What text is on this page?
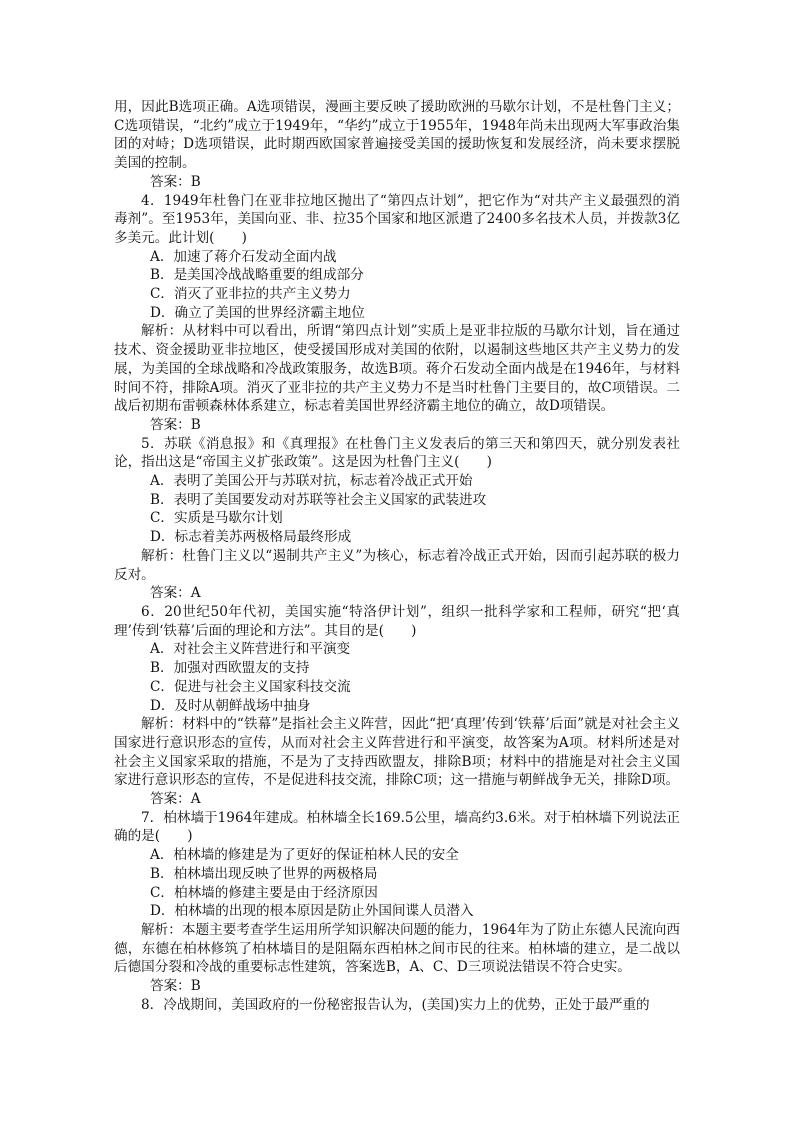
用，因此B选项正确。A选项错误，漫画主要反映了援助欧洲的马歇尔计划，不是杜鲁门主义；C选项错误，“北约”成立于1949年，“华约”成立于1955年，1948年尚未出现两大军事政治集团的对峙；D选项错误，此时期西欧国家普遍接受美国的援助恢复和发展经济，尚未要求摆脱美国的控制。

答案：B

4．1949年杜鲁门在亚非拉地区抛出了“第四点计划”，把它作为“对共产主义最强烈的消毒剂”。至1953年，美国向亚、非、拉35个国家和地区派遣了2400多名技术人员，并拨款3亿多美元。此计划(　　)

A．加速了蒋介石发动全面内战

B．是美国冷战战略重要的组成部分

C．消灭了亚非拉的共产主义势力

D．确立了美国的世界经济霸主地位

解析：从材料中可以看出，所谓“第四点计划”实质上是亚非拉版的马歇尔计划，旨在通过技术、资金援助亚非拉地区，使受援国形成对美国的依附，以遏制这些地区共产主义势力的发展，为美国的全球战略和冷战政策服务，故选B项。蒋介石发动全面内战是在1946年，与材料时间不符，排除A项。消灭了亚非拉的共产主义势力不是当时杜鲁门主要目的，故C项错误。二战后初期布雷顿森林体系建立，标志着美国世界经济霸主地位的确立，故D项错误。

答案：B

5．苏联《消息报》和《真理报》在杜鲁门主义发表后的第三天和第四天，就分别发表社论，指出这是“帝国主义扩张政策”。这是因为杜鲁门主义(　　)

A．表明了美国公开与苏联对抗，标志着冷战正式开始

B．表明了美国要发动对苏联等社会主义国家的武装进攻

C．实质是马歇尔计划

D．标志着美苏两极格局最终形成

解析：杜鲁门主义以“遏制共产主义”为核心，标志着冷战正式开始，因而引起苏联的极力反对。

答案：A

6．20世纪50年代初，美国实施“特洛伊计划”，组织一批科学家和工程师，研究“把‘真理’传到‘铁幕’后面的理论和方法”。其目的是(　　)

A．对社会主义阵营进行和平演变

B．加强对西欧盟友的支持

C．促进与社会主义国家科技交流

D．及时从朝鲜战场中抽身

解析：材料中的“铁幕”是指社会主义阵营，因此“把‘真理’传到‘铁幕’后面”就是对社会主义国家进行意识形态的宣传，从而对社会主义阵营进行和平演变，故答案为A项。材料所述是对社会主义国家采取的措施，不是为了支持西欧盟友，排除B项；材料中的措施是对社会主义国家进行意识形态的宣传，不是促进科技交流，排除C项；这一措施与朝鲜战争无关，排除D项。

答案：A

7．柏林墙于1964年建成。柏林墙全长169.5公里，墙高约3.6米。对于柏林墙下列说法正确的是(　　)

A．柏林墙的修建是为了更好的保证柏林人民的安全

B．柏林墙出现反映了世界的两极格局

C．柏林墙的修建主要是由于经济原因

D．柏林墙的出现的根本原因是防止外国间谍人员潜入

解析：本题主要考查学生运用所学知识解决问题的能力，1964年为了防止东德人民流向西德，东德在柏林修筑了柏林墙目的是阻隔东西柏林之间市民的往来。柏林墙的建立，是二战以后德国分裂和冷战的重要标志性建筑，答案选B，A、C、D三项说法错误不符合史实。

答案：B

8．冷战期间，美国政府的一份秘密报告认为，(美国)实力上的优势，正处于最严重的
